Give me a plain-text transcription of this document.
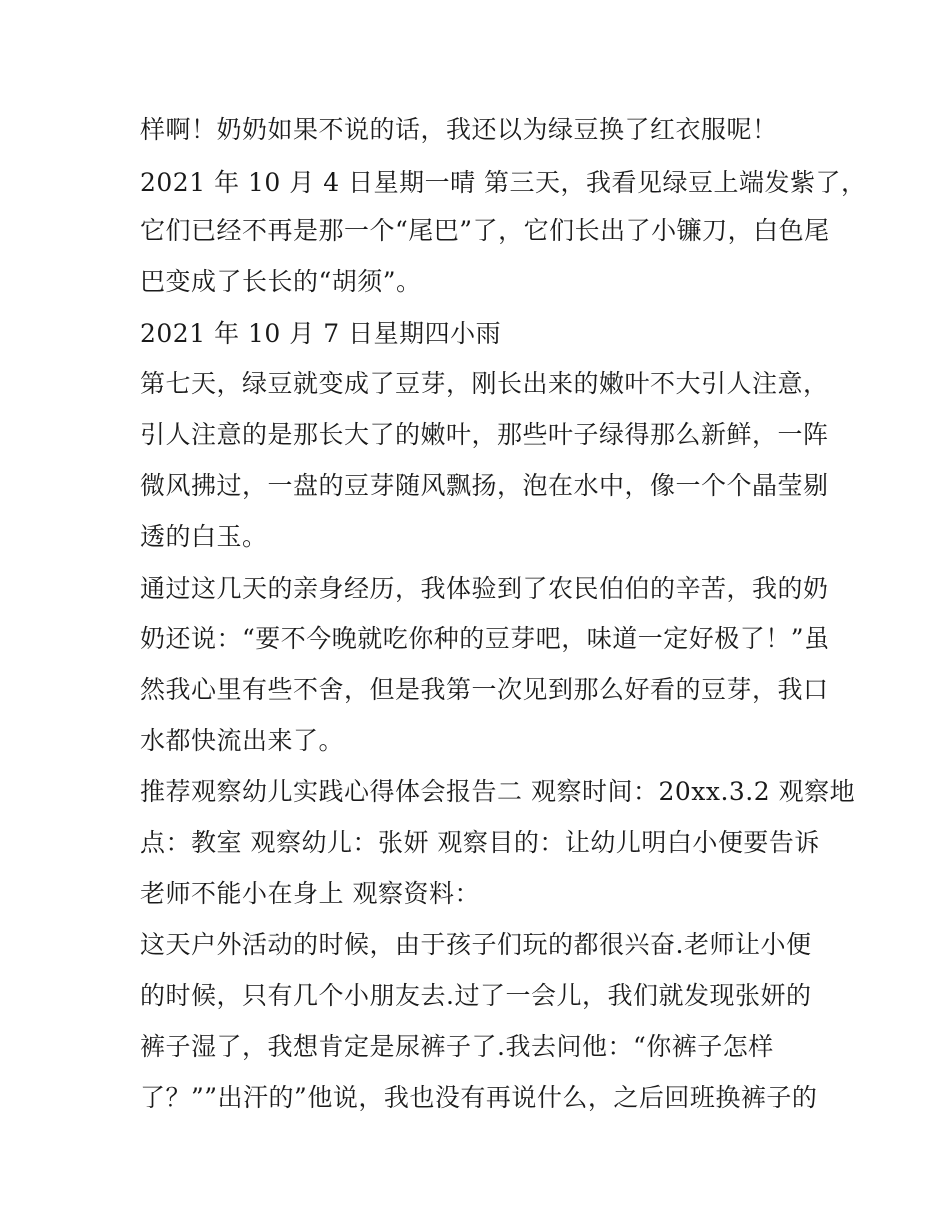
样啊！奶奶如果不说的话，我还以为绿豆换了红衣服呢！
2021 年 10 月 4 日星期一晴 第三天，我看见绿豆上端发紫了，
它们已经不再是那一个“尾巴”了，它们长出了小镰刀，白色尾
巴变成了长长的“胡须”。
2021 年 10 月 7 日星期四小雨
第七天，绿豆就变成了豆芽，刚长出来的嫩叶不大引人注意，
引人注意的是那长大了的嫩叶，那些叶子绿得那么新鲜，一阵
微风拂过，一盘的豆芽随风飘扬，泡在水中，像一个个晶莹剔
透的白玉。
通过这几天的亲身经历，我体验到了农民伯伯的辛苦，我的奶
奶还说：“要不今晚就吃你种的豆芽吧，味道一定好极了！”虽
然我心里有些不舍，但是我第一次见到那么好看的豆芽，我口
水都快流出来了。
推荐观察幼儿实践心得体会报告二 观察时间：20xx.3.2 观察地
点：教室 观察幼儿：张妍 观察目的：让幼儿明白小便要告诉
老师不能小在身上 观察资料：
这天户外活动的时候，由于孩子们玩的都很兴奋.老师让小便
的时候，只有几个小朋友去.过了一会儿，我们就发现张妍的
裤子湿了，我想肯定是尿裤子了.我去问他：“你裤子怎样
了？””出汗的”他说，我也没有再说什么，之后回班换裤子的
